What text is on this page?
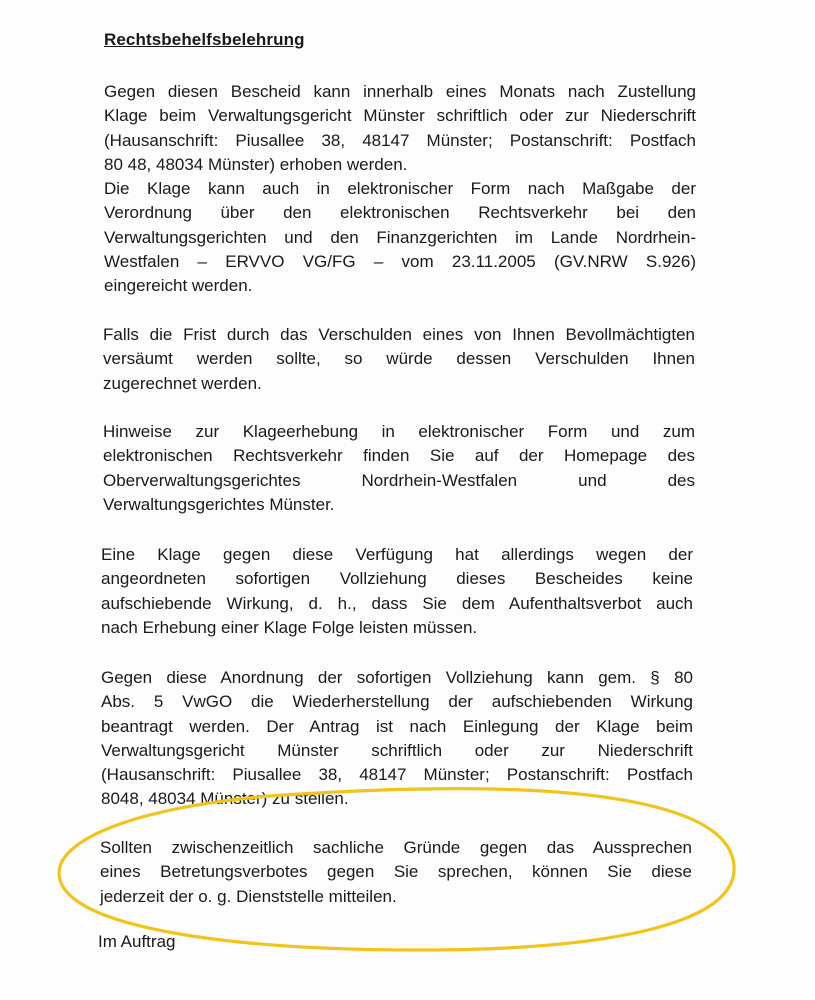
Rechtsbehelfsbelehrung
Gegen diesen Bescheid kann innerhalb eines Monats nach Zustellung
Klage beim Verwaltungsgericht Münster schriftlich oder zur Niederschrift
(Hausanschrift: Piusallee 38, 48147 Münster; Postanschrift: Postfach
80 48, 48034 Münster) erhoben werden.
Die Klage kann auch in elektronischer Form nach Maßgabe der
Verordnung über den elektronischen Rechtsverkehr bei den
Verwaltungsgerichten und den Finanzgerichten im Lande Nordrhein-
Westfalen – ERVVO VG/FG – vom 23.11.2005 (GV.NRW S.926)
eingereicht werden.
Falls die Frist durch das Verschulden eines von Ihnen Bevollmächtigten
versäumt werden sollte, so würde dessen Verschulden Ihnen
zugerechnet werden.
Hinweise zur Klageerhebung in elektronischer Form und zum
elektronischen Rechtsverkehr finden Sie auf der Homepage des
Oberverwaltungsgerichtes Nordrhein-Westfalen und des
Verwaltungsgerichtes Münster.
Eine Klage gegen diese Verfügung hat allerdings wegen der
angeordneten sofortigen Vollziehung dieses Bescheides keine
aufschiebende Wirkung, d. h., dass Sie dem Aufenthaltsverbot auch
nach Erhebung einer Klage Folge leisten müssen.
Gegen diese Anordnung der sofortigen Vollziehung kann gem. § 80
Abs. 5 VwGO die Wiederherstellung der aufschiebenden Wirkung
beantragt werden. Der Antrag ist nach Einlegung der Klage beim
Verwaltungsgericht Münster schriftlich oder zur Niederschrift
(Hausanschrift: Piusallee 38, 48147 Münster; Postanschrift: Postfach
8048, 48034 Münster) zu stellen.
Sollten zwischenzeitlich sachliche Gründe gegen das Aussprechen
eines Betretungsverbotes gegen Sie sprechen, können Sie diese
jederzeit der o. g. Dienststelle mitteilen.

Im Auftrag
